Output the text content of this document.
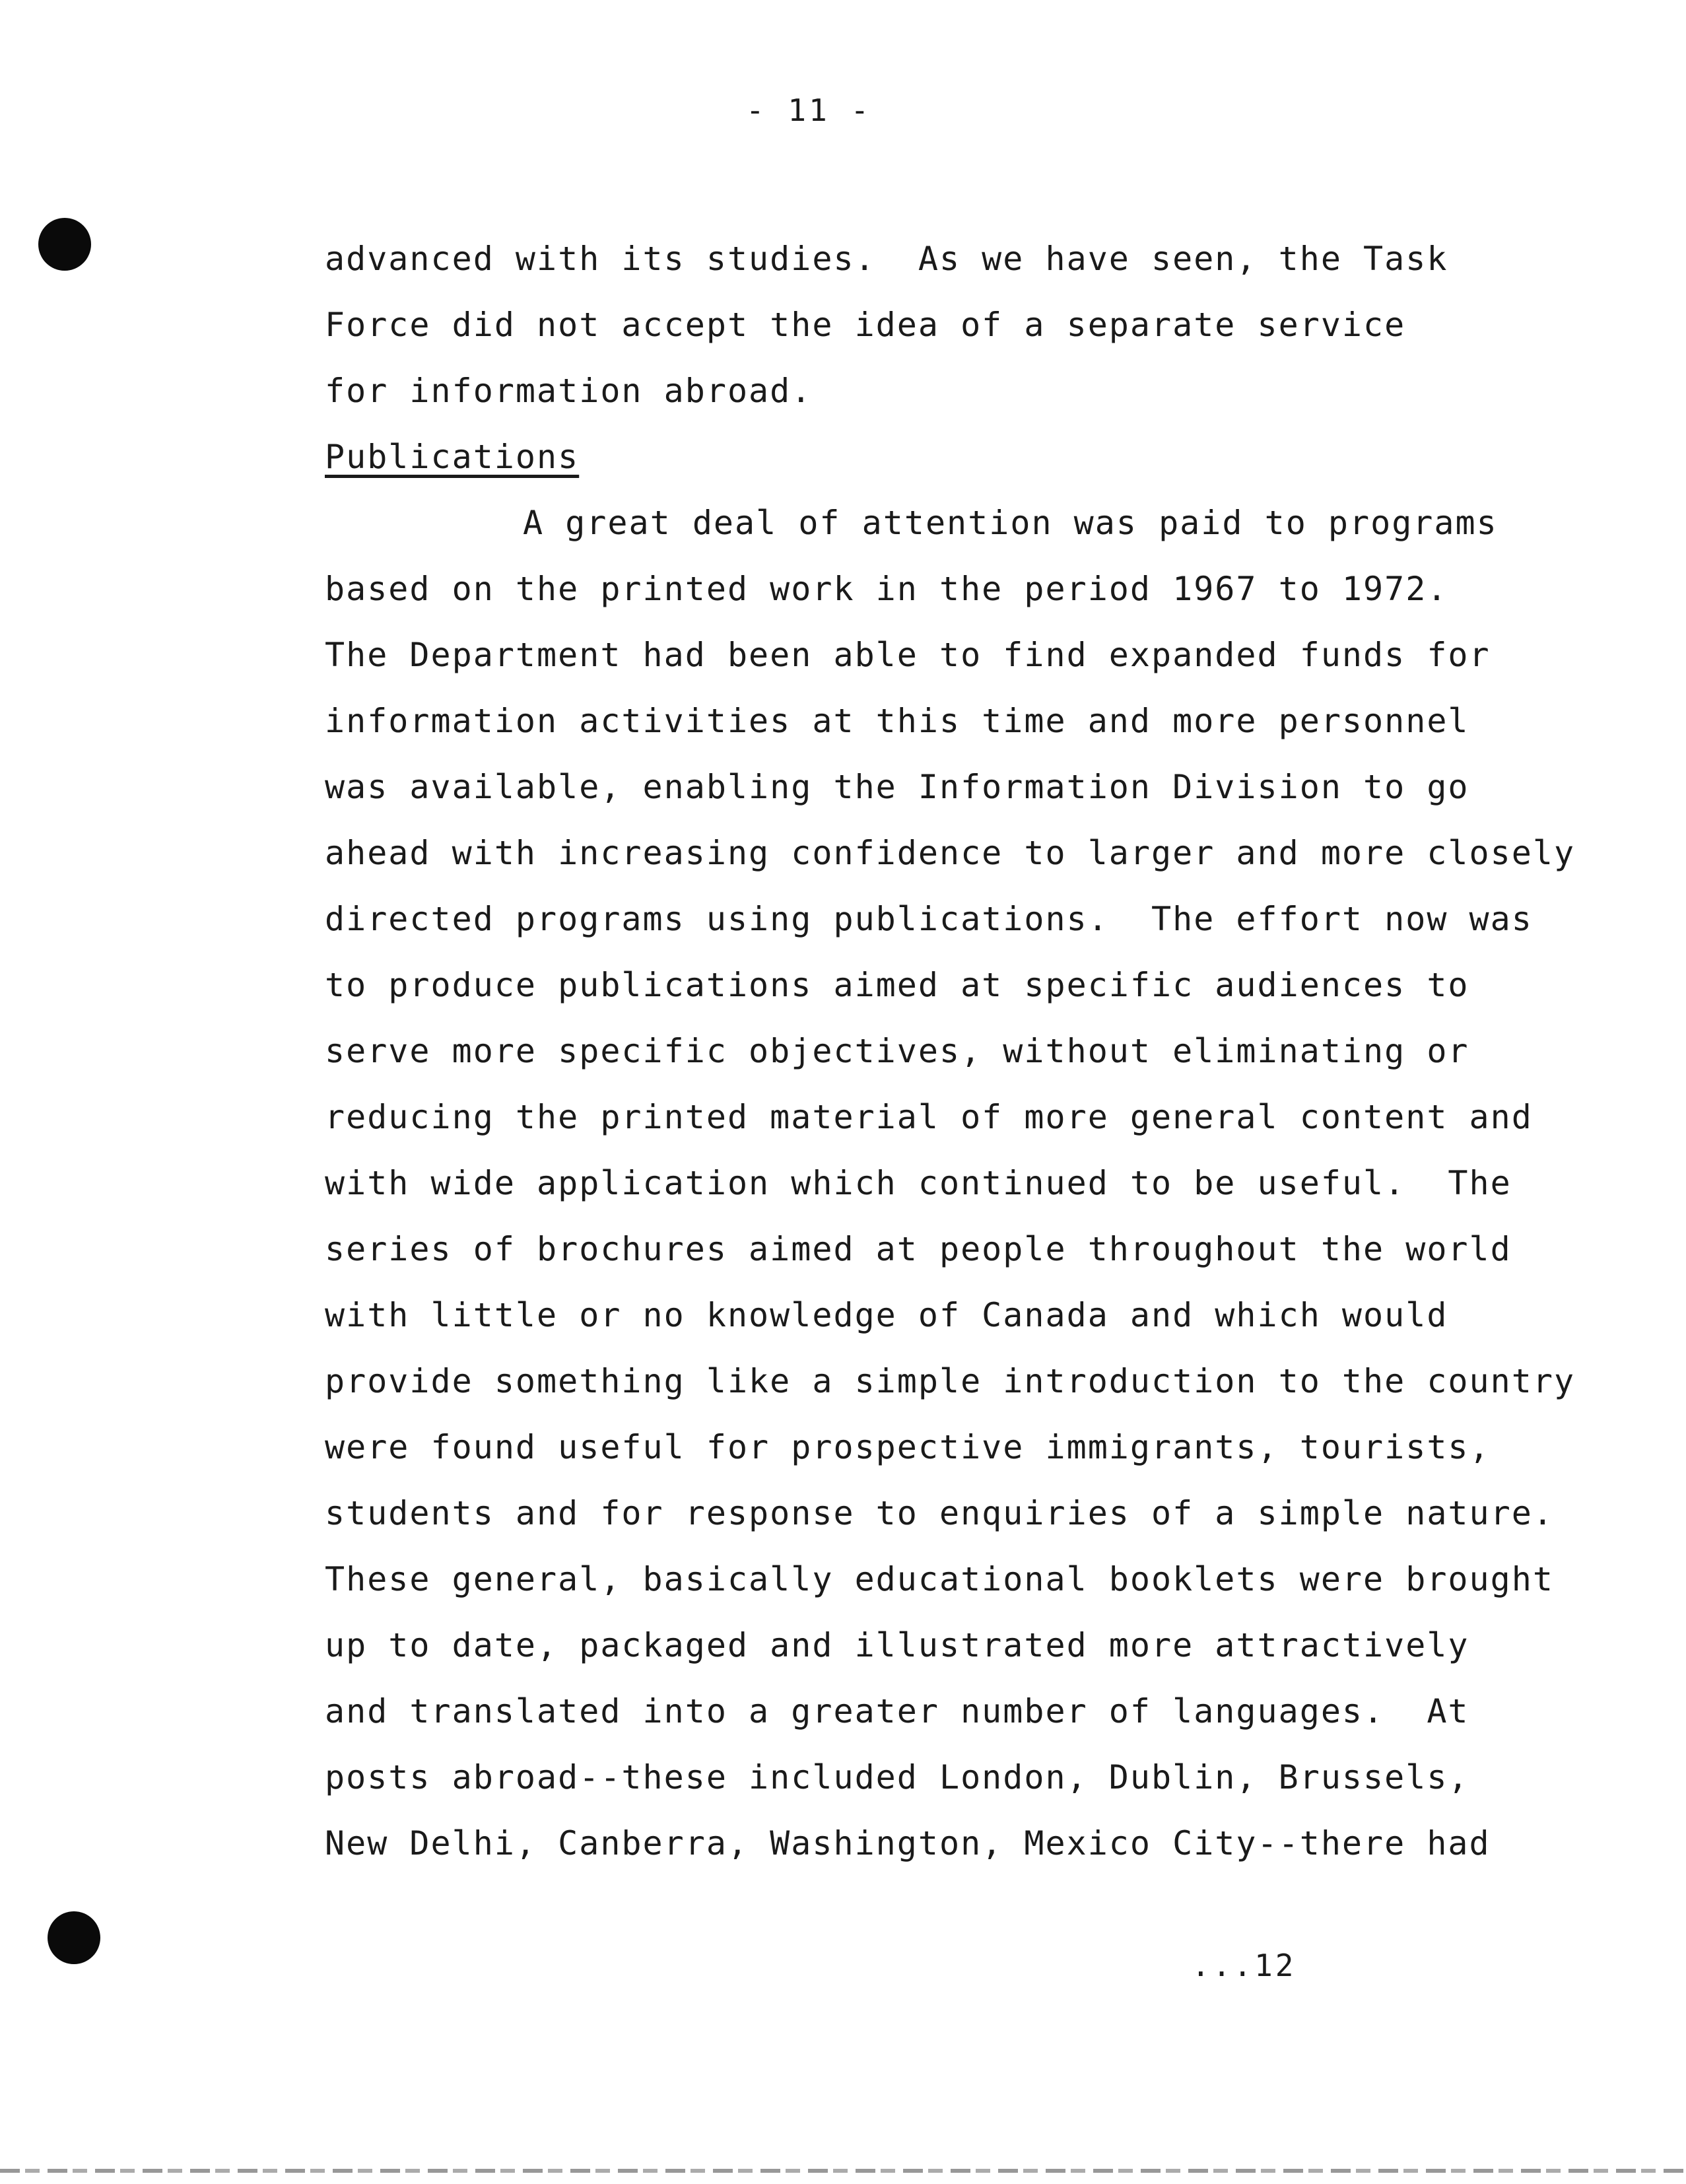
- 11 -
advanced with its studies.  As we have seen, the Task
Force did not accept the idea of a separate service
for information abroad.
Publications
A great deal of attention was paid to programs
based on the printed work in the period 1967 to 1972.
The Department had been able to find expanded funds for
information activities at this time and more personnel
was available, enabling the Information Division to go
ahead with increasing confidence to larger and more closely
directed programs using publications.  The effort now was
to produce publications aimed at specific audiences to
serve more specific objectives, without eliminating or
reducing the printed material of more general content and
with wide application which continued to be useful.  The
series of brochures aimed at people throughout the world
with little or no knowledge of Canada and which would
provide something like a simple introduction to the country
were found useful for prospective immigrants, tourists,
students and for response to enquiries of a simple nature.
These general, basically educational booklets were brought
up to date, packaged and illustrated more attractively
and translated into a greater number of languages.  At
posts abroad--these included London, Dublin, Brussels,
New Delhi, Canberra, Washington, Mexico City--there had
...12
